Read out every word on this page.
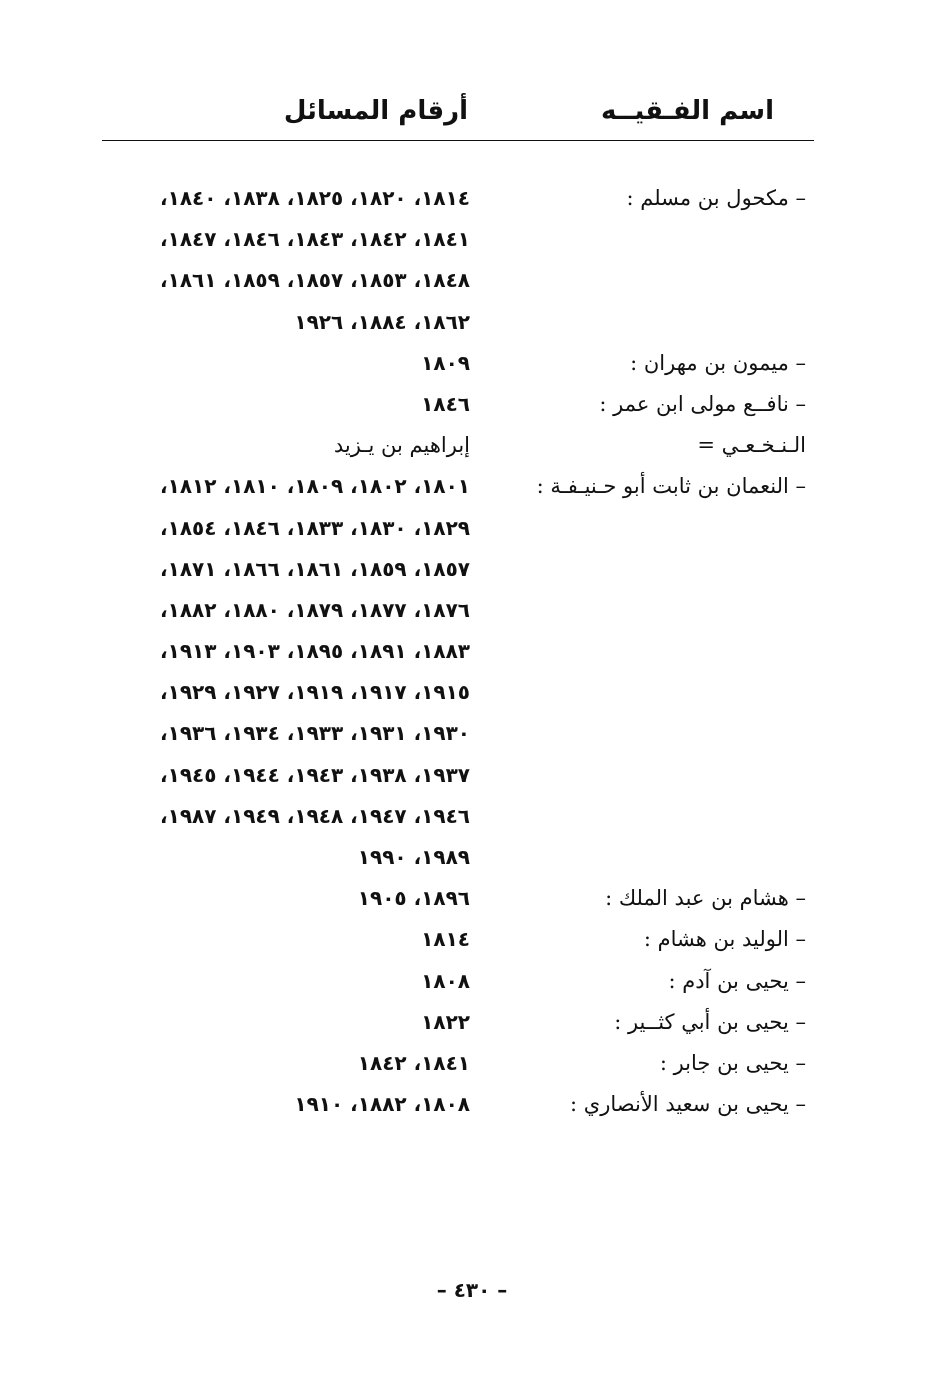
اسم الفـقيــه
أرقام المسائل
– مكحول بن مسلم :
١٨١٤، ١٨٢٠، ١٨٢٥، ١٨٣٨، ١٨٤٠،
١٨٤١، ١٨٤٢، ١٨٤٣، ١٨٤٦، ١٨٤٧،
١٨٤٨، ١٨٥٣، ١٨٥٧، ١٨٥٩، ١٨٦١،
١٨٦٢، ١٨٨٤، ١٩٢٦
– ميمون بن مهران :
١٨٠٩
– نافــع مولى ابن عمر :
١٨٤٦
الـنـخـعـي =
إبراهيم بن يـزيد
– النعمان بن ثابت أبو حـنيـفـة :
١٨٠١، ١٨٠٢، ١٨٠٩، ١٨١٠، ١٨١٢،
١٨٢٩، ١٨٣٠، ١٨٣٣، ١٨٤٦، ١٨٥٤،
١٨٥٧، ١٨٥٩، ١٨٦١، ١٨٦٦، ١٨٧١،
١٨٧٦، ١٨٧٧، ١٨٧٩، ١٨٨٠، ١٨٨٢،
١٨٨٣، ١٨٩١، ١٨٩٥، ١٩٠٣، ١٩١٣،
١٩١٥، ١٩١٧، ١٩١٩، ١٩٢٧، ١٩٢٩،
١٩٣٠، ١٩٣١، ١٩٣٣، ١٩٣٤، ١٩٣٦،
١٩٣٧، ١٩٣٨، ١٩٤٣، ١٩٤٤، ١٩٤٥،
١٩٤٦، ١٩٤٧، ١٩٤٨، ١٩٤٩، ١٩٨٧،
١٩٨٩، ١٩٩٠
– هشام بن عبد الملك :
١٨٩٦، ١٩٠٥
– الوليد بن هشام :
١٨١٤
– يحيى بن آدم :
١٨٠٨
– يحيى بن أبي كثــير :
١٨٢٢
– يحيى بن جابر :
١٨٤١، ١٨٤٢
– يحيى بن سعيد الأنصاري :
١٨٠٨، ١٨٨٢، ١٩١٠
– ٤٣٠ –
